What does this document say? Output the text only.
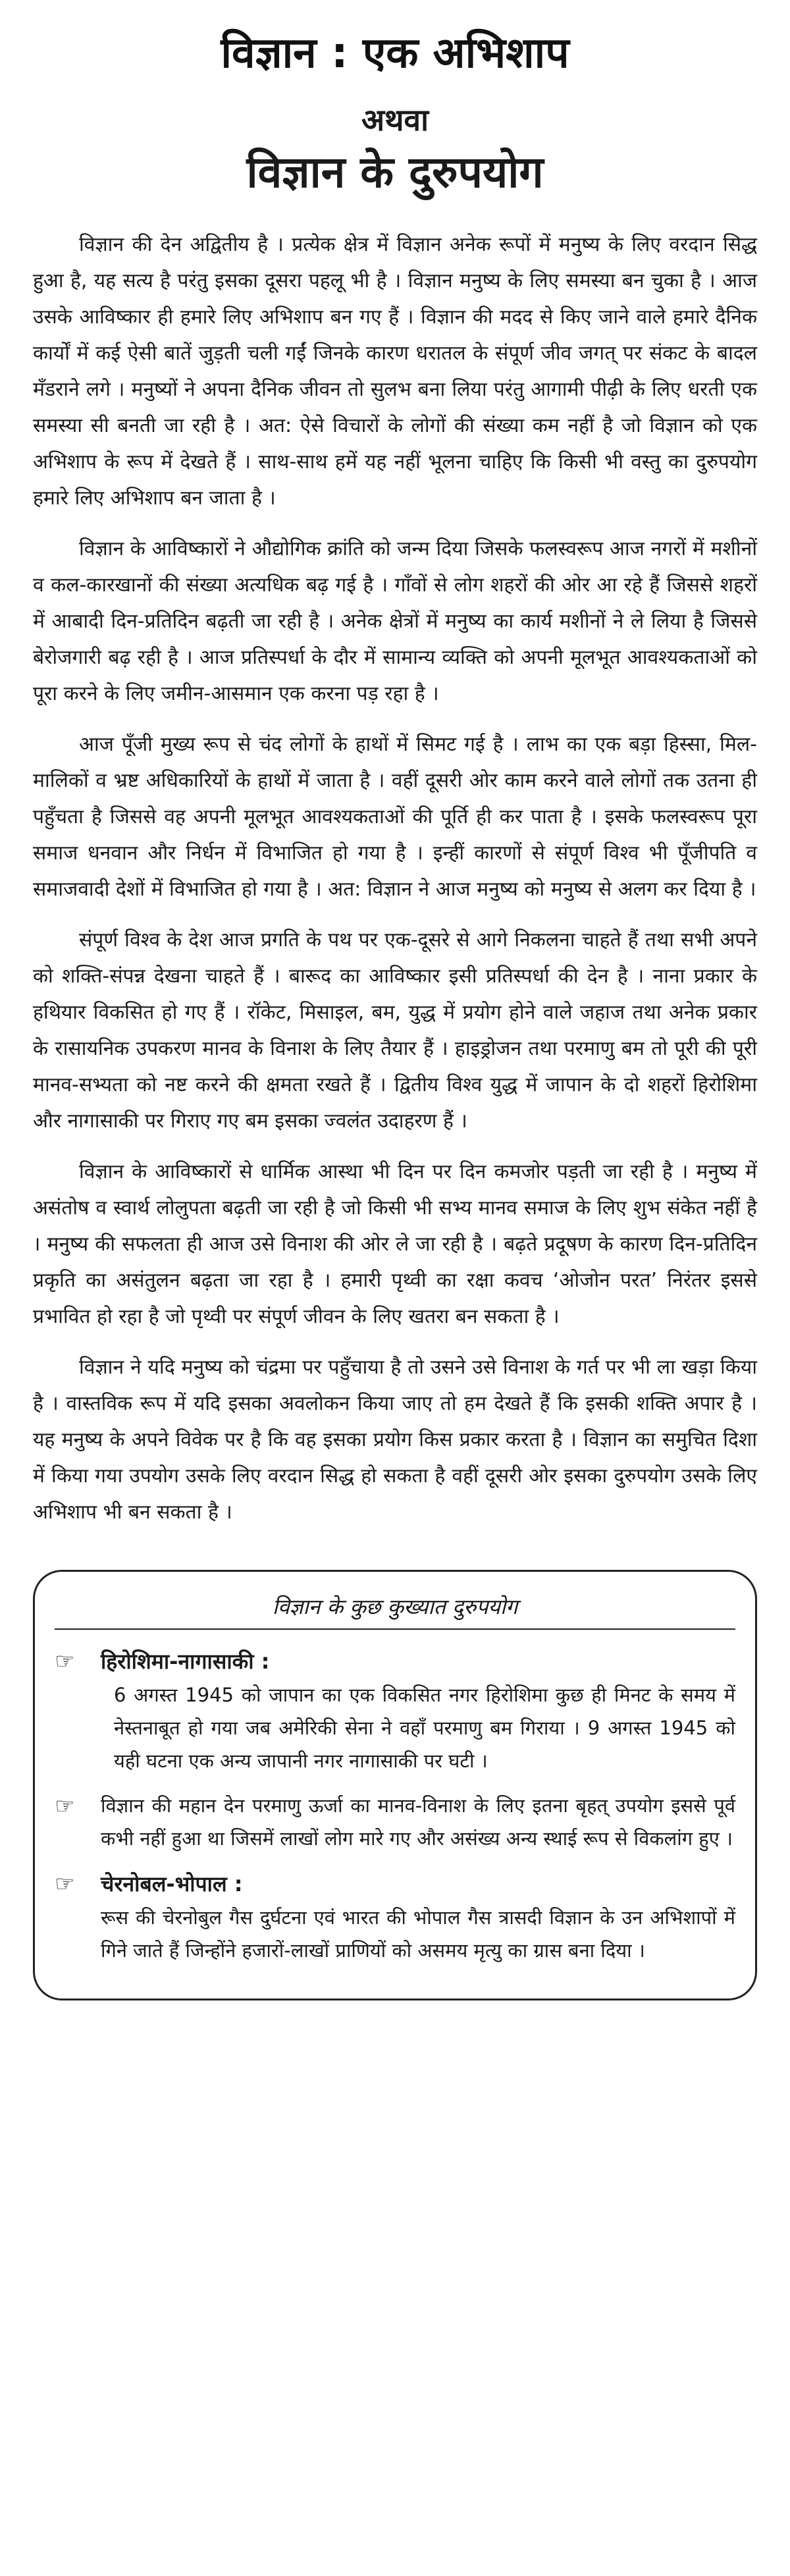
विज्ञान : एक अभिशाप
अथवा
विज्ञान के दुरुपयोग

विज्ञान की देन अद्वितीय है । प्रत्येक क्षेत्र में विज्ञान अनेक रूपों में मनुष्य के लिए वरदान सिद्ध हुआ है, यह सत्य है परंतु इसका दूसरा पहलू भी है । विज्ञान मनुष्य के लिए समस्या बन चुका है । आज उसके आविष्कार ही हमारे लिए अभिशाप बन गए हैं । विज्ञान की मदद से किए जाने वाले हमारे दैनिक कार्यों में कई ऐसी बातें जुड़ती चली गईं जिनके कारण धरातल के संपूर्ण जीव जगत् पर संकट के बादल मँडराने लगे । मनुष्यों ने अपना दैनिक जीवन तो सुलभ बना लिया परंतु आगामी पीढ़ी के लिए धरती एक समस्या सी बनती जा रही है । अत: ऐसे विचारों के लोगों की संख्या कम नहीं है जो विज्ञान को एक अभिशाप के रूप में देखते हैं । साथ-साथ हमें यह नहीं भूलना चाहिए कि किसी भी वस्तु का दुरुपयोग हमारे लिए अभिशाप बन जाता है ।

विज्ञान के आविष्कारों ने औद्योगिक क्रांति को जन्म दिया जिसके फलस्वरूप आज नगरों में मशीनों व कल-कारखानों की संख्या अत्यधिक बढ़ गई है । गाँवों से लोग शहरों की ओर आ रहे हैं जिससे शहरों में आबादी दिन-प्रतिदिन बढ़ती जा रही है । अनेक क्षेत्रों में मनुष्य का कार्य मशीनों ने ले लिया है जिससे बेरोजगारी बढ़ रही है । आज प्रतिस्पर्धा के दौर में सामान्य व्यक्ति को अपनी मूलभूत आवश्यकताओं को पूरा करने के लिए जमीन-आसमान एक करना पड़ रहा है ।

आज पूँजी मुख्य रूप से चंद लोगों के हाथों में सिमट गई है । लाभ का एक बड़ा हिस्सा, मिल-मालिकों व भ्रष्ट अधिकारियों के हाथों में जाता है । वहीं दूसरी ओर काम करने वाले लोगों तक उतना ही पहुँचता है जिससे वह अपनी मूलभूत आवश्यकताओं की पूर्ति ही कर पाता है । इसके फलस्वरूप पूरा समाज धनवान और निर्धन में विभाजित हो गया है । इन्हीं कारणों से संपूर्ण विश्व भी पूँजीपति व समाजवादी देशों में विभाजित हो गया है । अत: विज्ञान ने आज मनुष्य को मनुष्य से अलग कर दिया है ।

संपूर्ण विश्व के देश आज प्रगति के पथ पर एक-दूसरे से आगे निकलना चाहते हैं तथा सभी अपने को शक्ति-संपन्न देखना चाहते हैं । बारूद का आविष्कार इसी प्रतिस्पर्धा की देन है । नाना प्रकार के हथियार विकसित हो गए हैं । रॉकेट, मिसाइल, बम, युद्ध में प्रयोग होने वाले जहाज तथा अनेक प्रकार के रासायनिक उपकरण मानव के विनाश के लिए तैयार हैं । हाइड्रोजन तथा परमाणु बम तो पूरी की पूरी मानव-सभ्यता को नष्ट करने की क्षमता रखते हैं । द्वितीय विश्व युद्ध में जापान के दो शहरों हिरोशिमा और नागासाकी पर गिराए गए बम इसका ज्वलंत उदाहरण हैं ।

विज्ञान के आविष्कारों से धार्मिक आस्था भी दिन पर दिन कमजोर पड़ती जा रही है । मनुष्य में असंतोष व स्वार्थ लोलुपता बढ़ती जा रही है जो किसी भी सभ्य मानव समाज के लिए शुभ संकेत नहीं है । मनुष्य की सफलता ही आज उसे विनाश की ओर ले जा रही है । बढ़ते प्रदूषण के कारण दिन-प्रतिदिन प्रकृति का असंतुलन बढ़ता जा रहा है । हमारी पृथ्वी का रक्षा कवच ‘ओजोन परत’ निरंतर इससे प्रभावित हो रहा है जो पृथ्वी पर संपूर्ण जीवन के लिए खतरा बन सकता है ।

विज्ञान ने यदि मनुष्य को चंद्रमा पर पहुँचाया है तो उसने उसे विनाश के गर्त पर भी ला खड़ा किया है । वास्तविक रूप में यदि इसका अवलोकन किया जाए तो हम देखते हैं कि इसकी शक्ति अपार है । यह मनुष्य के अपने विवेक पर है कि वह इसका प्रयोग किस प्रकार करता है । विज्ञान का समुचित दिशा में किया गया उपयोग उसके लिए वरदान सिद्ध हो सकता है वहीं दूसरी ओर इसका दुरुपयोग उसके लिए अभिशाप भी बन सकता है ।

विज्ञान के कुछ कुख्यात दुरुपयोग
☞	हिरोशिमा-नागासाकी :
6 अगस्त 1945 को जापान का एक विकसित नगर हिरोशिमा कुछ ही मिनट के समय में नेस्तनाबूत हो गया जब अमेरिकी सेना ने वहाँ परमाणु बम गिराया । 9 अगस्त 1945 को यही घटना एक अन्य जापानी नगर नागासाकी पर घटी ।
☞	विज्ञान की महान देन परमाणु ऊर्जा का मानव-विनाश के लिए इतना बृहत् उपयोग इससे पूर्व कभी नहीं हुआ था जिसमें लाखों लोग मारे गए और असंख्य अन्य स्थाई रूप से विकलांग हुए ।
☞	चेरनोबल-भोपाल :
रूस की चेरनोबुल गैस दुर्घटना एवं भारत की भोपाल गैस त्रासदी विज्ञान के उन अभिशापों में गिने जाते हैं जिन्होंने हजारों-लाखों प्राणियों को असमय मृत्यु का ग्रास बना दिया ।
